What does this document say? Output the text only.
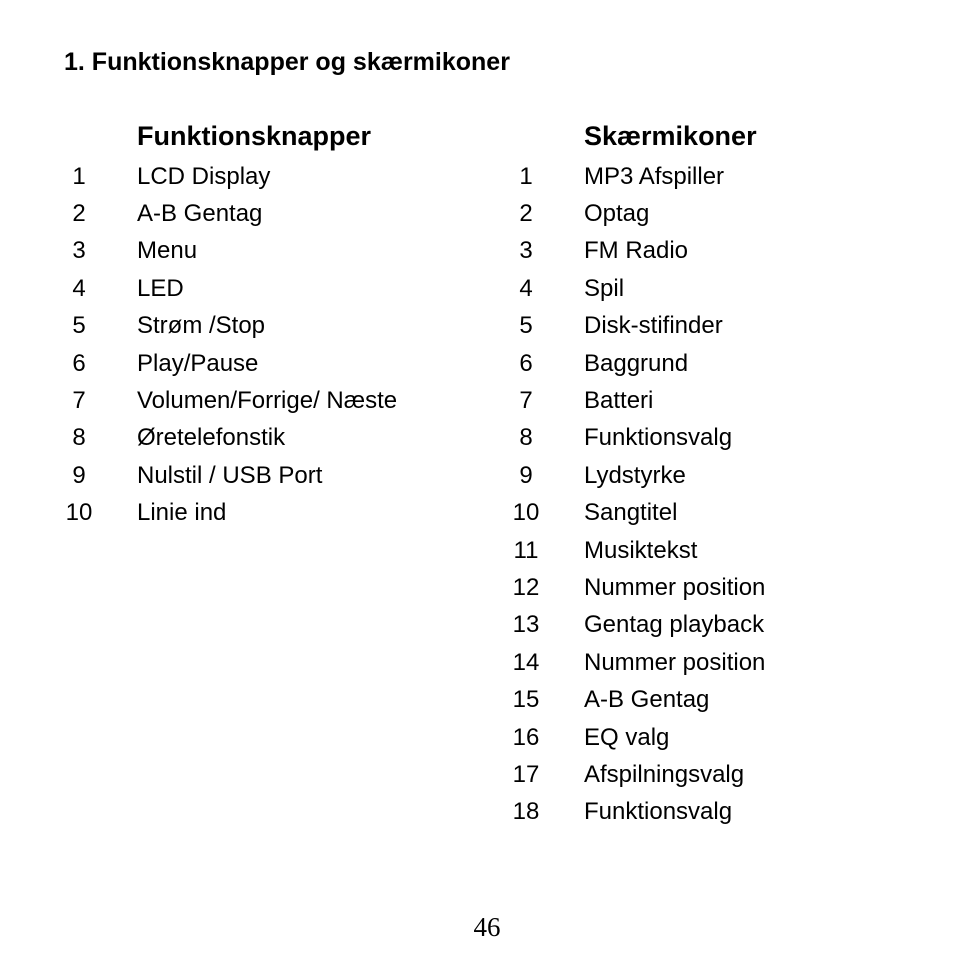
1. Funktionsknapper og skærmikoner
Funktionsknapper
1	LCD Display
2	A-B Gentag
3	Menu
4	LED
5	Strøm /Stop
6	Play/Pause
7	Volumen/Forrige/ Næste
8	Øretelefonstik
9	Nulstil / USB Port
10 Linie ind
Skærmikoner
1	MP3 Afspiller
2	Optag
3	FM Radio
4	Spil
5	Disk-stifinder
6	Baggrund
7	Batteri
8	Funktionsvalg
9	Lydstyrke
10 Sangtitel
11 Musiktekst
12 Nummer position
13 Gentag playback
14 Nummer position
15 A-B Gentag
16 EQ valg
17 Afspilningsvalg
18 Funktionsvalg
46
